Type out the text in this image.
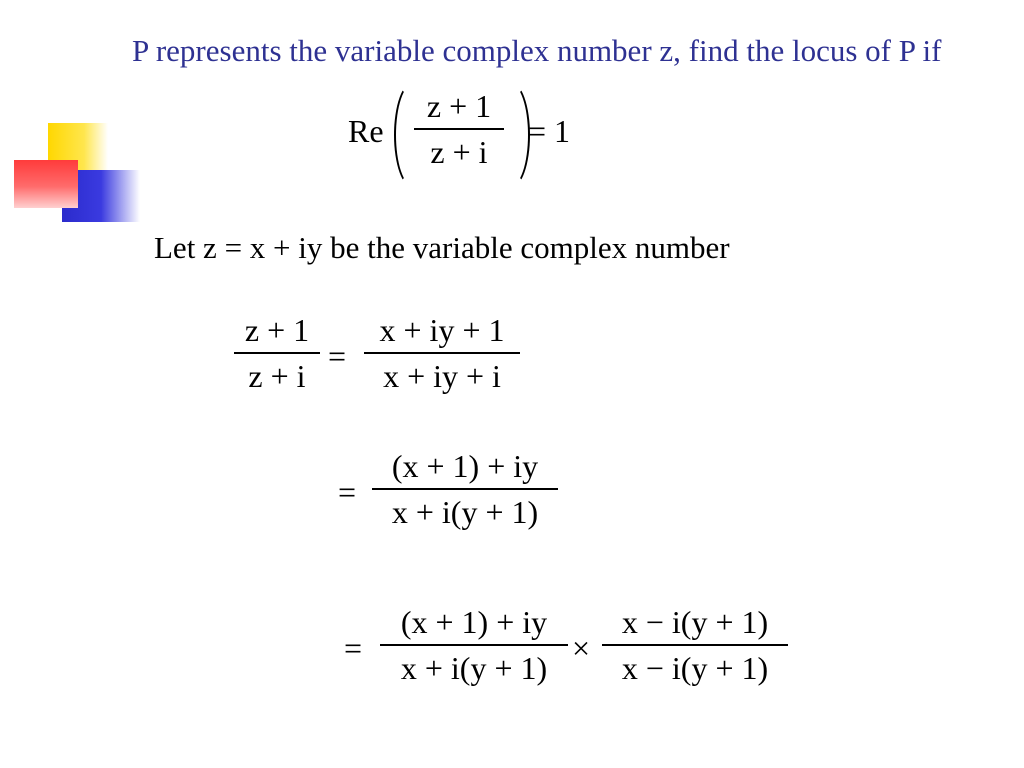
P represents the variable complex number z, find the locus of P if
Re
z + 1
z + i
= 1
Let z = x + iy be the variable complex number
z + 1
z + i
=
x + iy + 1
x + iy + i
=
(x + 1) + iy
x + i(y + 1)
=
(x + 1) + iy
x + i(y + 1)
×
x − i(y + 1)
x − i(y + 1)
